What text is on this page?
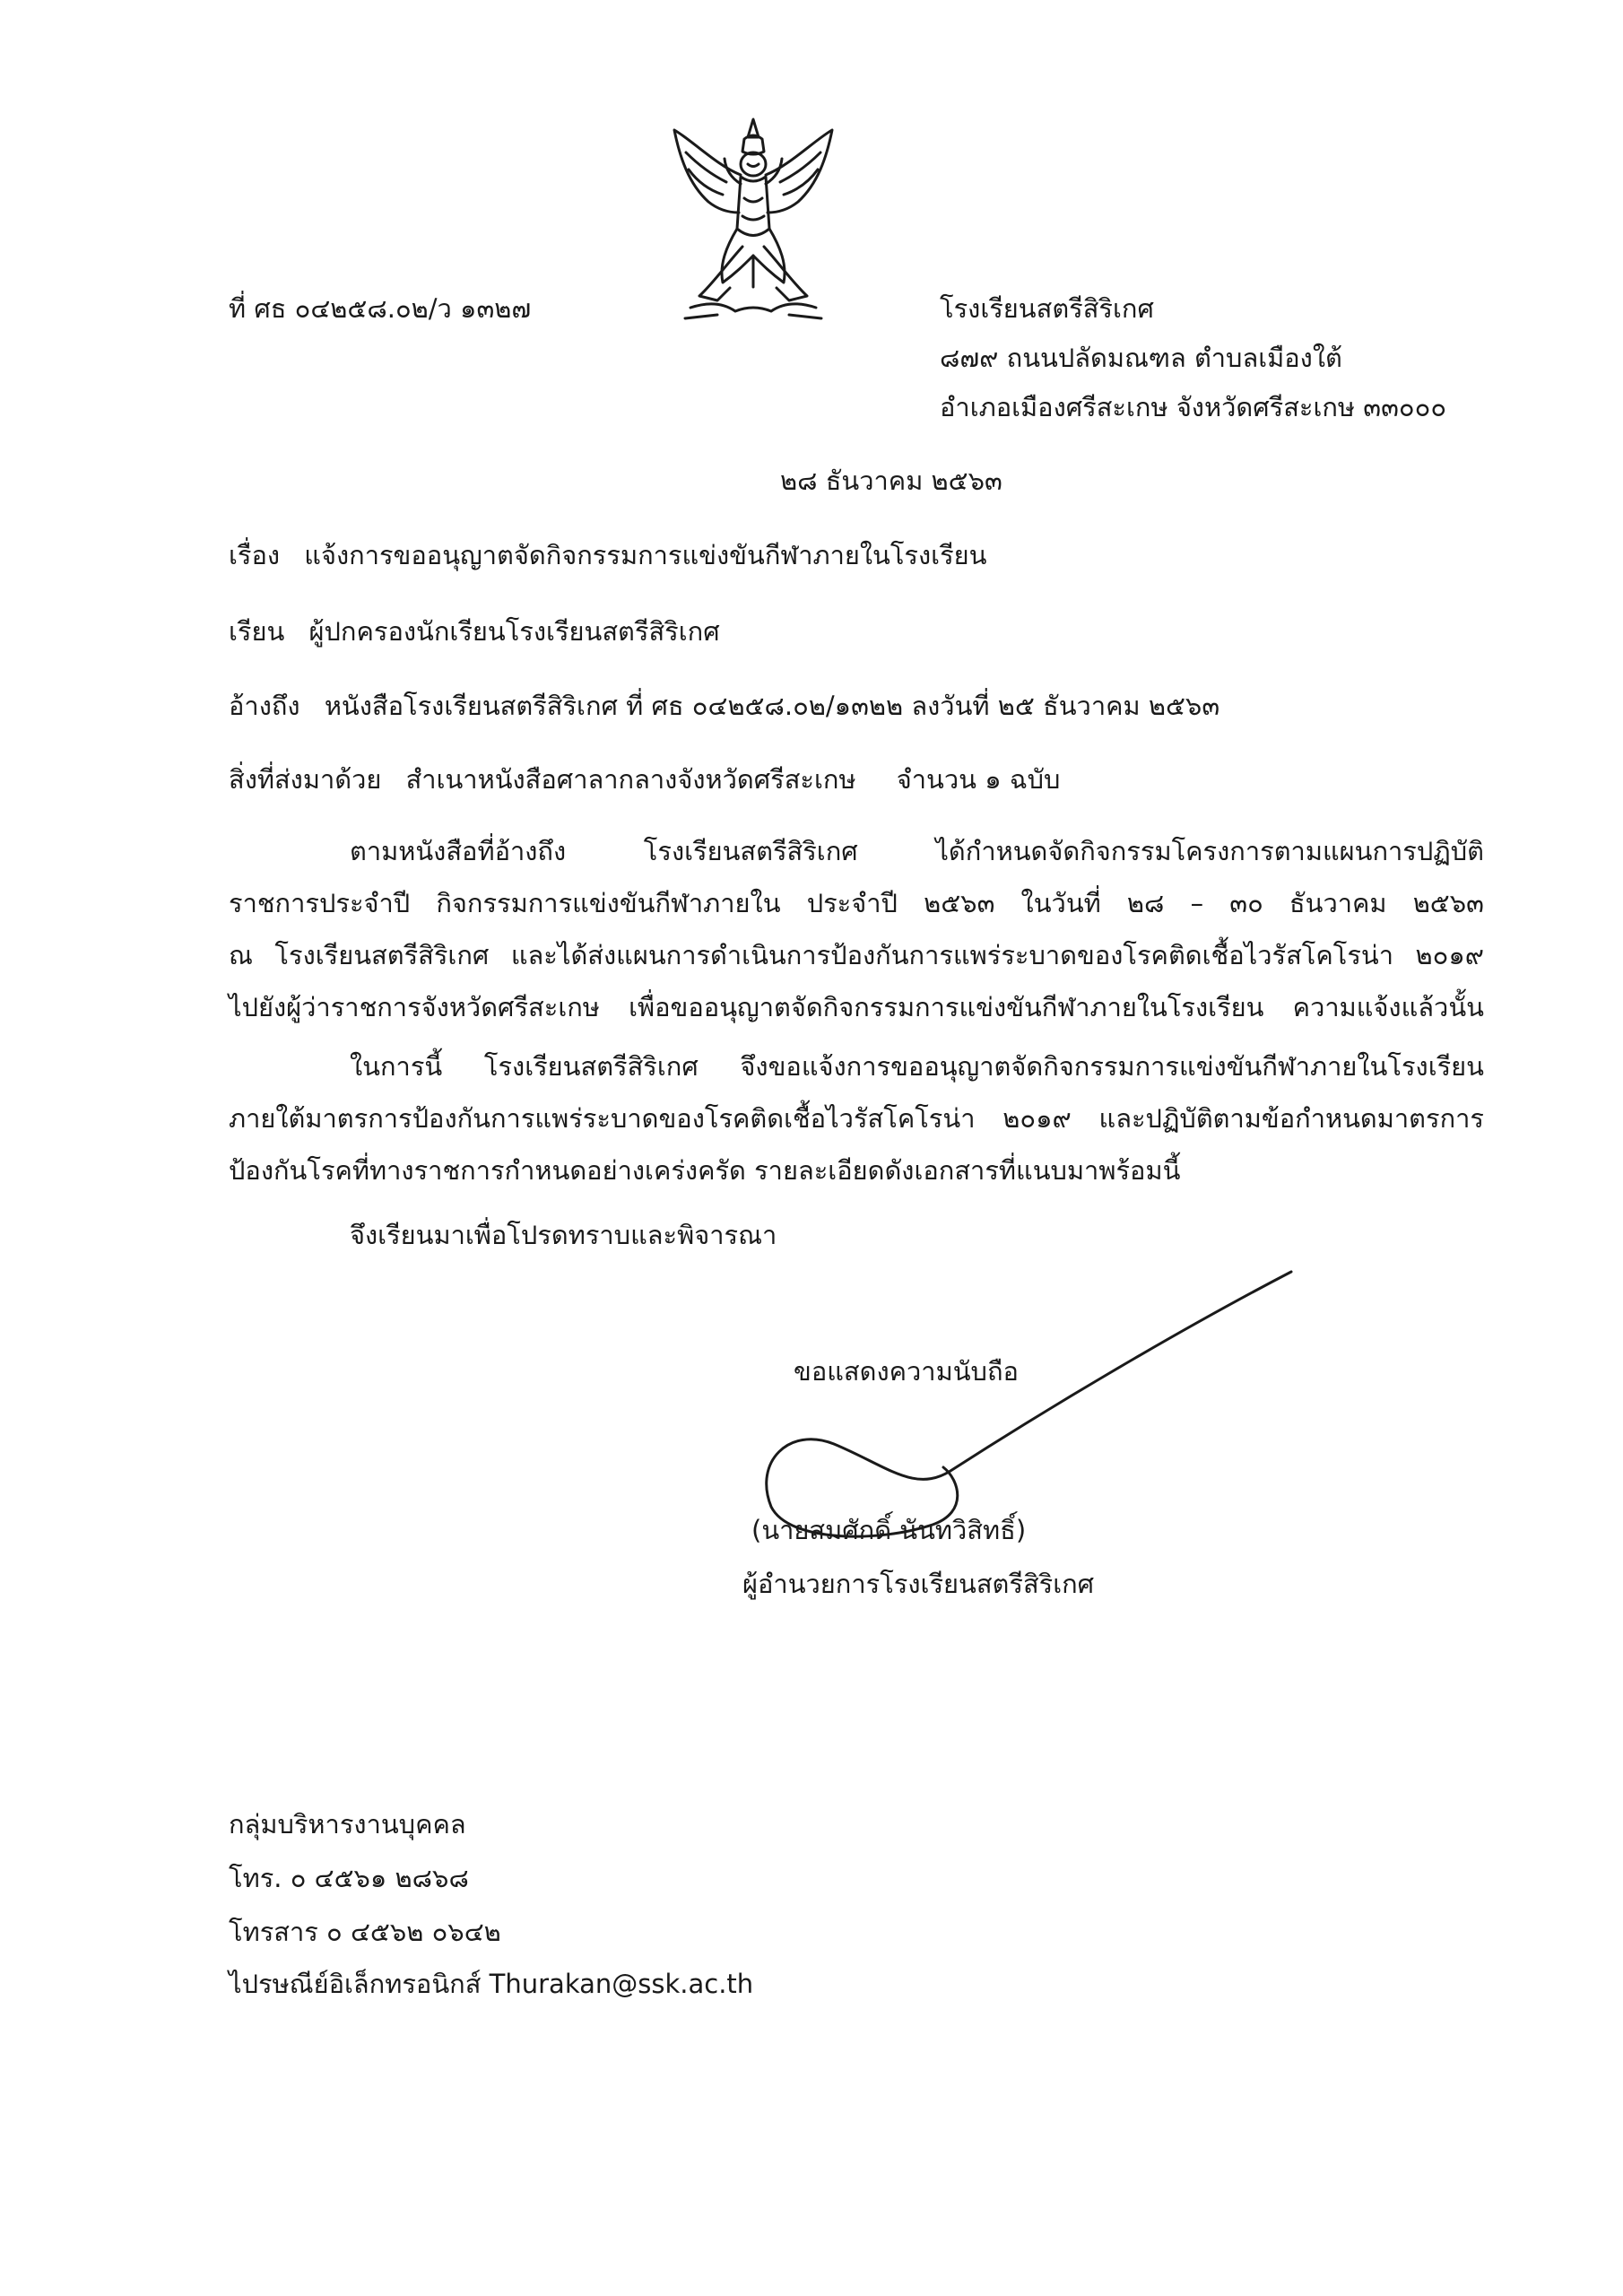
ที่ ศธ ๐๔๒๕๘.๐๒/ว ๑๓๒๗	โรงเรียนสตรีสิริเกศ
๘๗๙ ถนนปลัดมณฑล ตำบลเมืองใต้
อำเภอเมืองศรีสะเกษ จังหวัดศรีสะเกษ ๓๓๐๐๐
๒๘ ธันวาคม ๒๕๖๓
เรื่อง แจ้งการขออนุญาตจัดกิจกรรมการแข่งขันกีฬาภายในโรงเรียน
เรียน ผู้ปกครองนักเรียนโรงเรียนสตรีสิริเกศ
อ้างถึง หนังสือโรงเรียนสตรีสิริเกศ ที่ ศธ ๐๔๒๕๘.๐๒/๑๓๒๒ ลงวันที่ ๒๕ ธันวาคม ๒๕๖๓
สิ่งที่ส่งมาด้วย สำเนาหนังสือศาลากลางจังหวัดศรีสะเกษ จำนวน ๑ ฉบับ
ตามหนังสือที่อ้างถึง โรงเรียนสตรีสิริเกศ ได้กำหนดจัดกิจกรรมโครงการตามแผนการปฏิบัติ
ราชการประจำปี กิจกรรมการแข่งขันกีฬาภายใน ประจำปี ๒๕๖๓ ในวันที่ ๒๘ – ๓๐ ธันวาคม ๒๕๖๓
ณ โรงเรียนสตรีสิริเกศ และได้ส่งแผนการดำเนินการป้องกันการแพร่ระบาดของโรคติดเชื้อไวรัสโคโรน่า ๒๐๑๙
ไปยังผู้ว่าราชการจังหวัดศรีสะเกษ เพื่อขออนุญาตจัดกิจกรรมการแข่งขันกีฬาภายในโรงเรียน ความแจ้งแล้วนั้น
ในการนี้ โรงเรียนสตรีสิริเกศ จึงขอแจ้งการขออนุญาตจัดกิจกรรมการแข่งขันกีฬาภายในโรงเรียน
ภายใต้มาตรการป้องกันการแพร่ระบาดของโรคติดเชื้อไวรัสโคโรน่า ๒๐๑๙ และปฏิบัติตามข้อกำหนดมาตรการ
ป้องกันโรคที่ทางราชการกำหนดอย่างเคร่งครัด รายละเอียดดังเอกสารที่แนบมาพร้อมนี้
จึงเรียนมาเพื่อโปรดทราบและพิจารณา
ขอแสดงความนับถือ
(นายสมศักดิ์ นันทวิสิทธิ์)
ผู้อำนวยการโรงเรียนสตรีสิริเกศ
กลุ่มบริหารงานบุคคล
โทร. ๐ ๔๕๖๑ ๒๘๖๘
โทรสาร ๐ ๔๕๖๒ ๐๖๔๒
ไปรษณีย์อิเล็กทรอนิกส์ Thurakan@ssk.ac.th
